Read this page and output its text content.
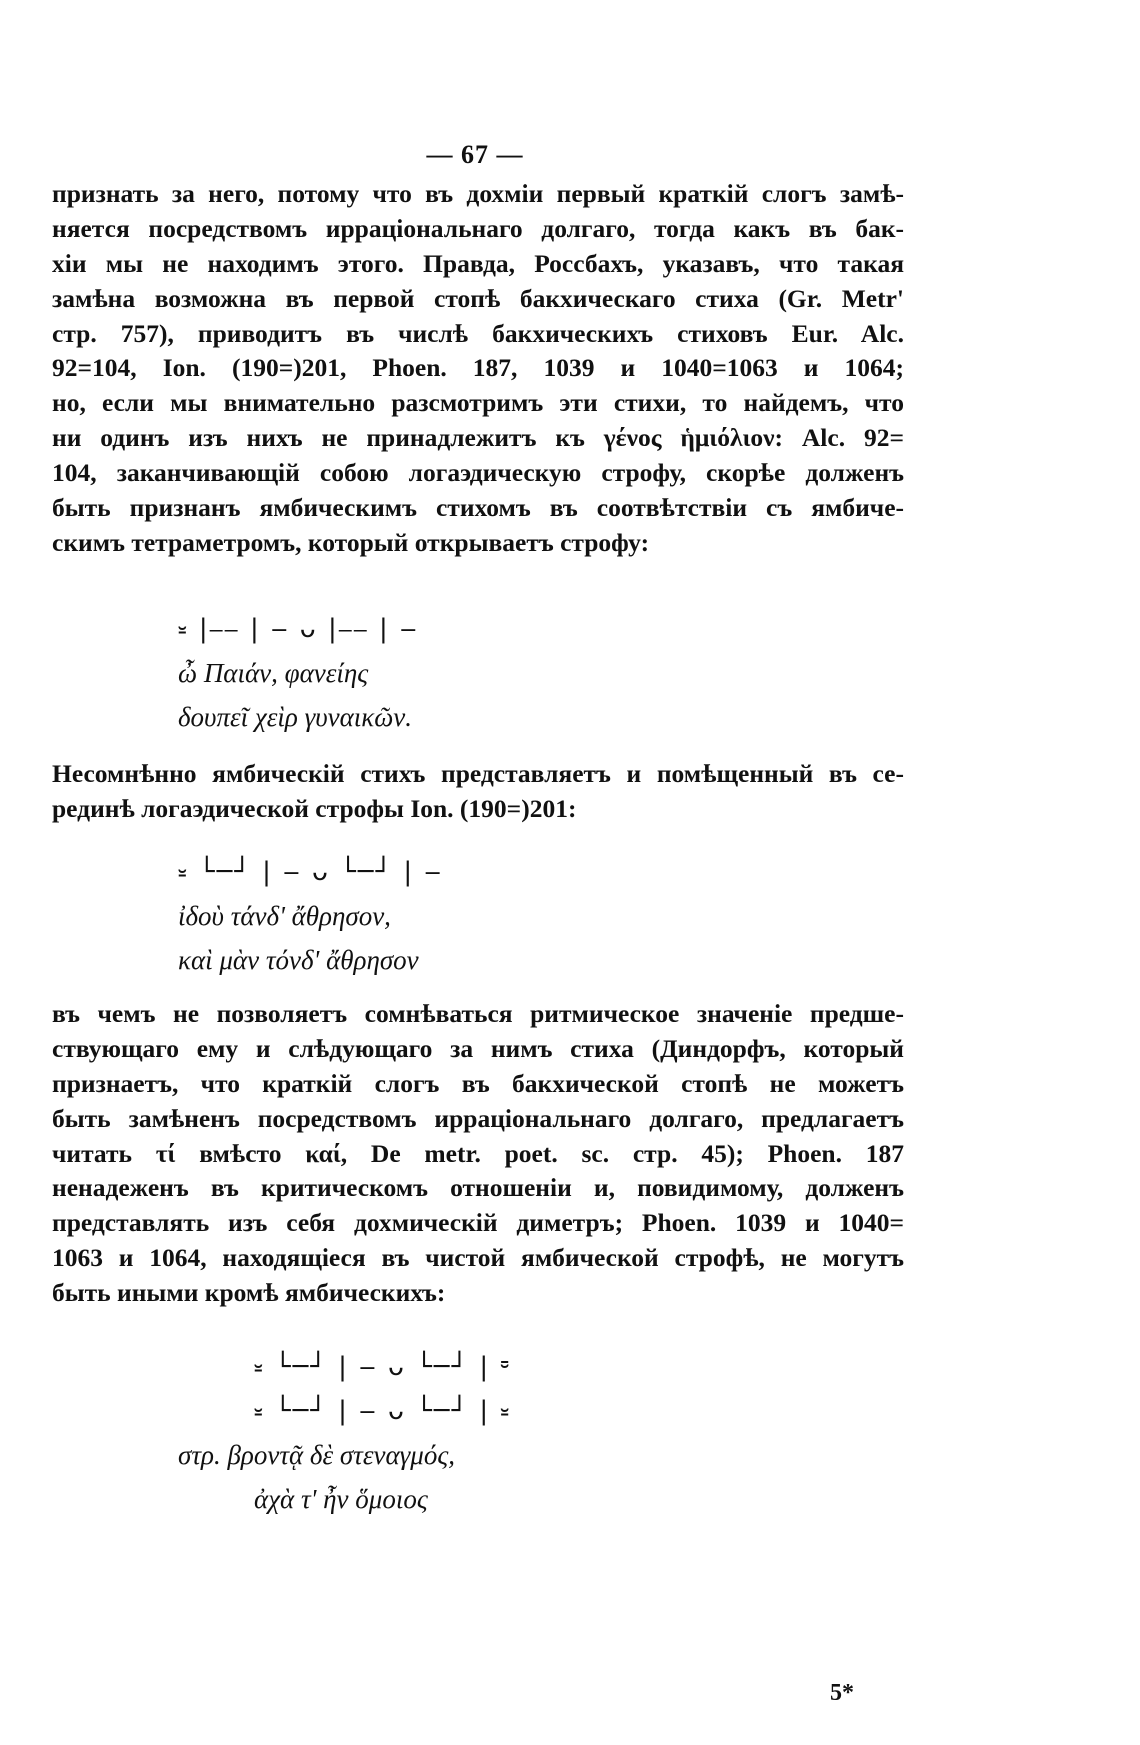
— 67 —
признать за него, потому что въ дохміи первый краткій слогъ замѣ-
няется посредствомъ ирраціональнаго долгаго, тогда какъ въ бак-
хіи мы не находимъ этого. Правда, Россбахъ, указавъ, что такая
замѣна возможна въ первой стопѣ бакхическаго стиха (Gr. Metr'
стр. 757), приводитъ въ числѣ бакхическихъ стиховъ Eur. Alc.
92=104, Ion. (190=)201, Phoen. 187, 1039 и 1040=1063 и 1064;
но, если мы внимательно разсмотримъ эти стихи, то найдемъ, что
ни одинъ изъ нихъ не принадлежитъ къ γένος ἡμιόλιον: Alc. 92=
104, заканчивающій собою логаэдическую строфу, скорѣе долженъ
быть признанъ ямбическимъ стихомъ въ соотвѣтствіи съ ямбиче-
скимъ тетраметромъ, который открываетъ строфу:
⏓ |⎯⎯ | ‒ ᴗ |⎯⎯ | ‒
ὦ Παιάν, φανείης
δουπεῖ χεὶρ γυναικῶν.
Несомнѣнно ямбическій стихъ представляетъ и помѣщенный въ се-
рединѣ логаэдической строфы Ion. (190=)201:
⏓ └─┘ | ‒ ᴗ └─┘ | ‒
ἰδοὺ τάνδ' ἄθρησον,
καὶ μὰν τόνδ' ἄθρησον
въ чемъ не позволяетъ сомнѣваться ритмическое значеніе предше-
ствующаго ему и слѣдующаго за нимъ стиха (Диндорфъ, который
признаетъ, что краткій слогъ въ бакхической стопѣ не можетъ
быть замѣненъ посредствомъ ирраціональнаго долгаго, предлагаетъ
читать τί вмѣсто καί, De metr. poet. sc. стр. 45); Phoen. 187
ненадеженъ въ критическомъ отношеніи и, повидимому, долженъ
представлять изъ себя дохмическій диметръ; Phoen. 1039 и 1040=
1063 и 1064, находящіеся въ чистой ямбической строфѣ, не могутъ
быть иными кромѣ ямбическихъ:
⏓ └─┘ | ‒ ᴗ └─┘ | ⏒
⏓ └─┘ | ‒ ᴗ └─┘ | ⏓
στρ. βροντᾷ δὲ στεναγμός,
ἀχὰ τ' ἦν ὅμοιος
5*
